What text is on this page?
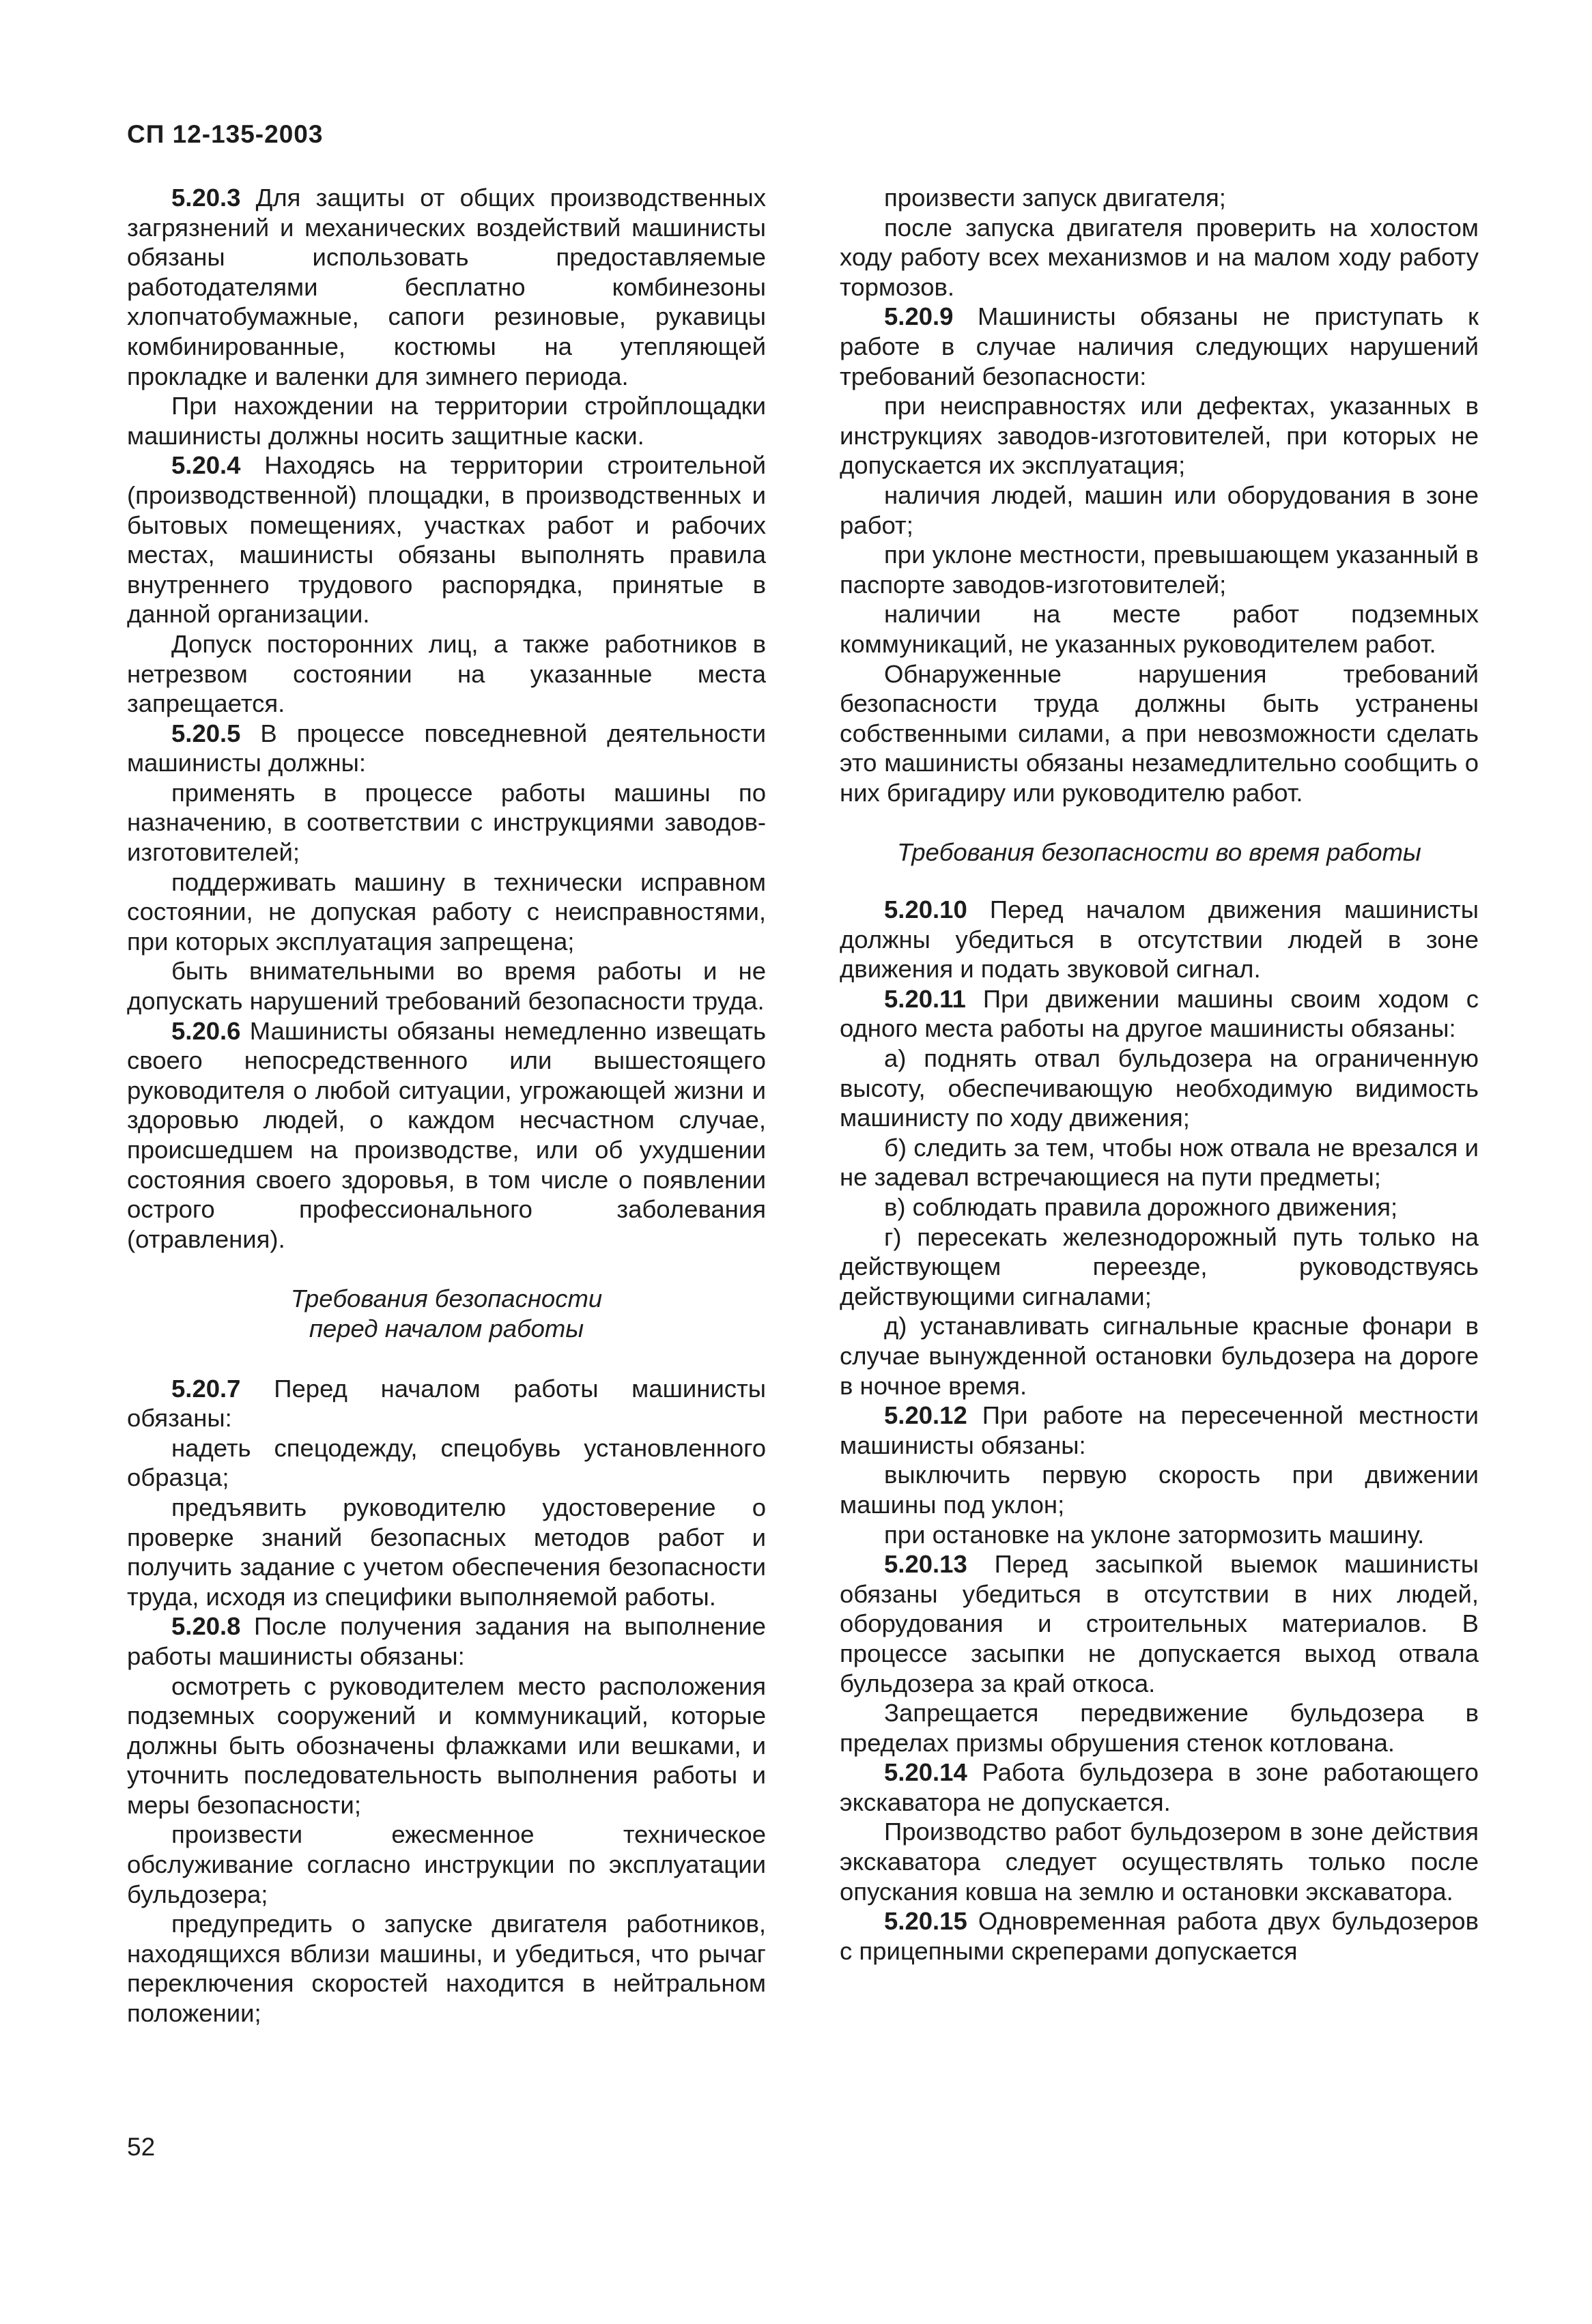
СП 12-135-2003

5.20.3 Для защиты от общих производственных загрязнений и механических воздействий машинисты обязаны использовать предоставляемые работодателями бесплатно комбинезоны хлопчатобумажные, сапоги резиновые, рукавицы комбинированные, костюмы на утепляющей прокладке и валенки для зимнего периода.

При нахождении на территории стройплощадки машинисты должны носить защитные каски.

5.20.4 Находясь на территории строительной (производственной) площадки, в производственных и бытовых помещениях, участках работ и рабочих местах, машинисты обязаны выполнять правила внутреннего трудового распорядка, принятые в данной организации.

Допуск посторонних лиц, а также работников в нетрезвом состоянии на указанные места запрещается.

5.20.5 В процессе повседневной деятельности машинисты должны:

применять в процессе работы машины по назначению, в соответствии с инструкциями заводов-изготовителей;

поддерживать машину в технически исправном состоянии, не допуская работу с неисправностями, при которых эксплуатация запрещена;

быть внимательными во время работы и не допускать нарушений требований безопасности труда.

5.20.6 Машинисты обязаны немедленно извещать своего непосредственного или вышестоящего руководителя о любой ситуации, угрожающей жизни и здоровью людей, о каждом несчастном случае, происшедшем на производстве, или об ухудшении состояния своего здоровья, в том числе о появлении острого профессионального заболевания (отравления).

Требования безопасности
перед началом работы

5.20.7 Перед началом работы машинисты обязаны:

надеть спецодежду, спецобувь установленного образца;

предъявить руководителю удостоверение о проверке знаний безопасных методов работ и получить задание с учетом обеспечения безопасности труда, исходя из специфики выполняемой работы.

5.20.8 После получения задания на выполнение работы машинисты обязаны:

осмотреть с руководителем место расположения подземных сооружений и коммуникаций, которые должны быть обозначены флажками или вешками, и уточнить последовательность выполнения работы и меры безопасности;

произвести ежесменное техническое обслуживание согласно инструкции по эксплуатации бульдозера;

предупредить о запуске двигателя работников, находящихся вблизи машины, и убедиться, что рычаг переключения скоростей находится в нейтральном положении;

произвести запуск двигателя;

после запуска двигателя проверить на холостом ходу работу всех механизмов и на малом ходу работу тормозов.

5.20.9 Машинисты обязаны не приступать к работе в случае наличия следующих нарушений требований безопасности:

при неисправностях или дефектах, указанных в инструкциях заводов-изготовителей, при которых не допускается их эксплуатация;

наличия людей, машин или оборудования в зоне работ;

при уклоне местности, превышающем указанный в паспорте заводов-изготовителей;

наличии на месте работ подземных коммуникаций, не указанных руководителем работ.

Обнаруженные нарушения требований безопасности труда должны быть устранены собственными силами, а при невозможности сделать это машинисты обязаны незамедлительно сообщить о них бригадиру или руководителю работ.

Требования безопасности во время работы

5.20.10 Перед началом движения машинисты должны убедиться в отсутствии людей в зоне движения и подать звуковой сигнал.

5.20.11 При движении машины своим ходом с одного места работы на другое машинисты обязаны:

а) поднять отвал бульдозера на ограниченную высоту, обеспечивающую необходимую видимость машинисту по ходу движения;

б) следить за тем, чтобы нож отвала не врезался и не задевал встречающиеся на пути предметы;

в) соблюдать правила дорожного движения;

г) пересекать железнодорожный путь только на действующем переезде, руководствуясь действующими сигналами;

д) устанавливать сигнальные красные фонари в случае вынужденной остановки бульдозера на дороге в ночное время.

5.20.12 При работе на пересеченной местности машинисты обязаны:

выключить первую скорость при движении машины под уклон;

при остановке на уклоне затормозить машину.

5.20.13 Перед засыпкой выемок машинисты обязаны убедиться в отсутствии в них людей, оборудования и строительных материалов. В процессе засыпки не допускается выход отвала бульдозера за край откоса.

Запрещается передвижение бульдозера в пределах призмы обрушения стенок котлована.

5.20.14 Работа бульдозера в зоне работающего экскаватора не допускается.

Производство работ бульдозером в зоне действия экскаватора следует осуществлять только после опускания ковша на землю и остановки экскаватора.

5.20.15 Одновременная работа двух бульдозеров с прицепными скреперами допускается

52
